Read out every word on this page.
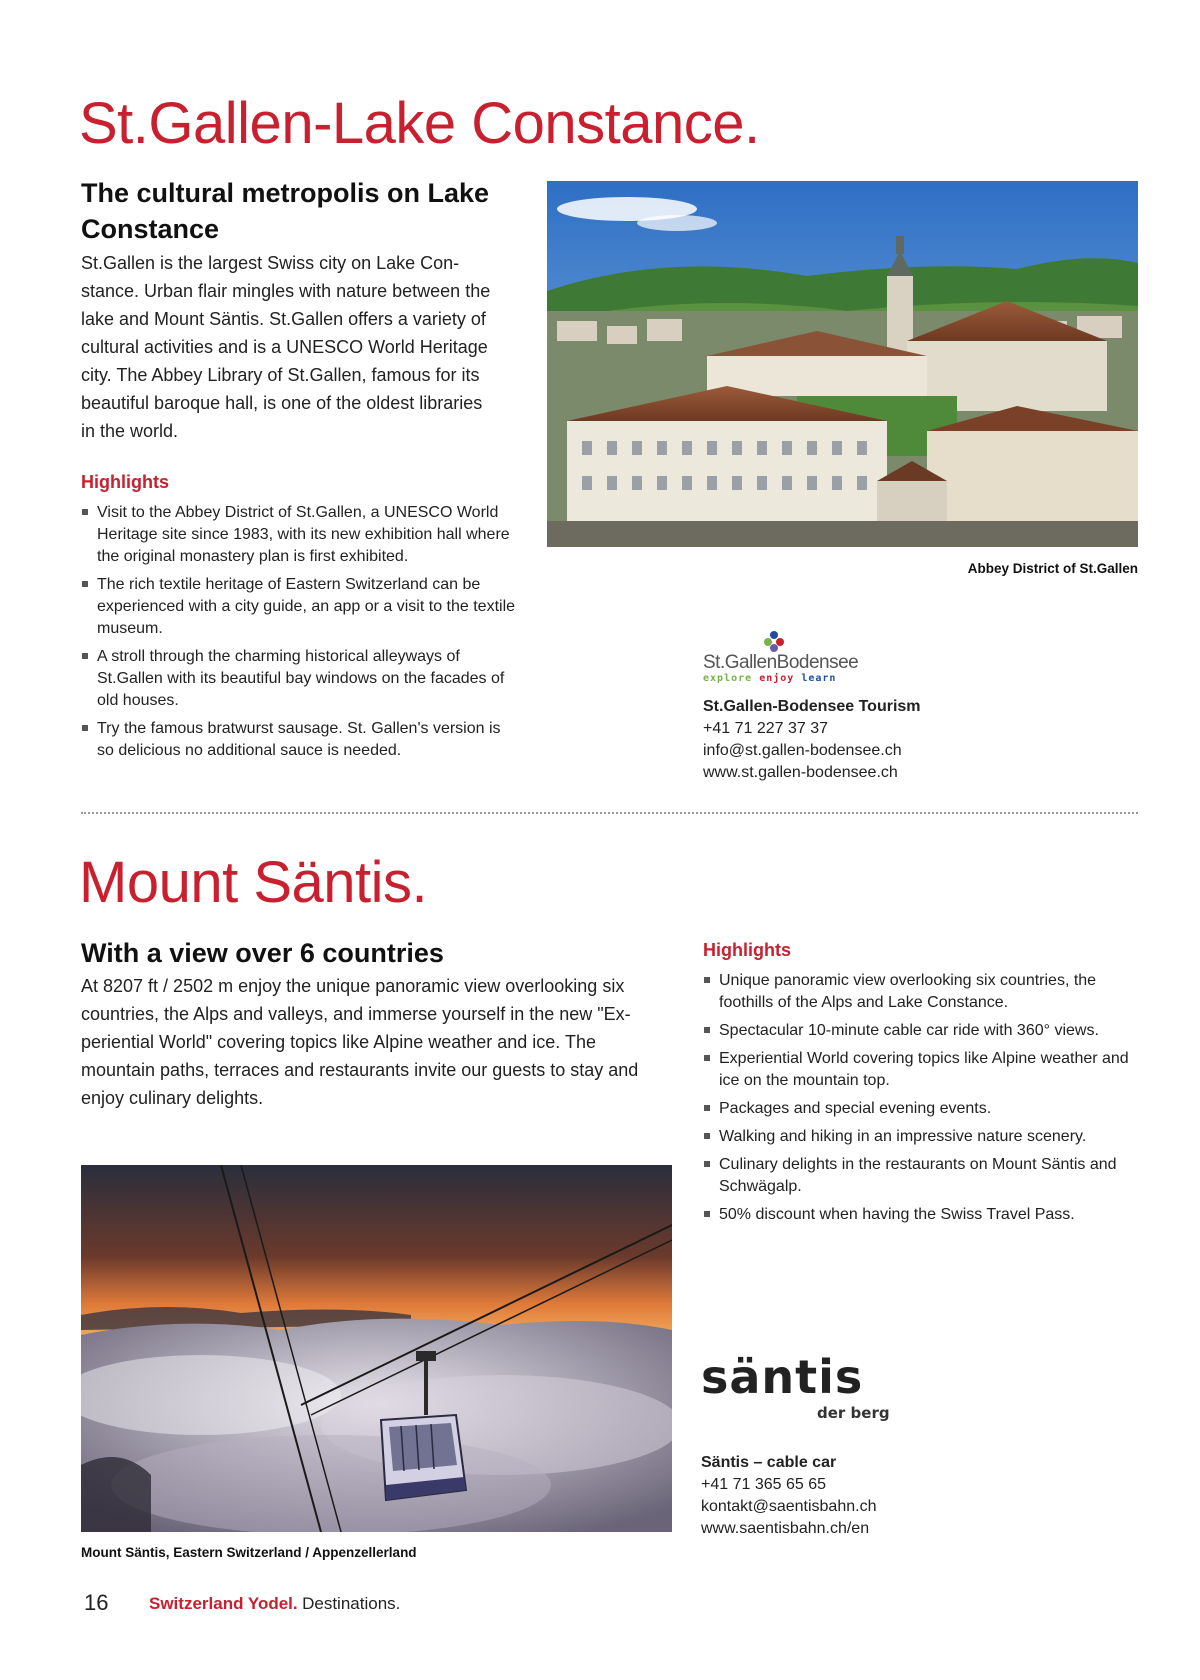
St.Gallen-Lake Constance.
The cultural metropolis on Lake Constance
St.Gallen is the largest Swiss city on Lake Con-
stance. Urban flair mingles with nature between the
lake and Mount Säntis. St.Gallen offers a variety of
cultural activities and is a UNESCO World Heritage
city. The Abbey Library of St.Gallen, famous for its
beautiful baroque hall, is one of the oldest libraries
in the world.
Highlights
Visit to the Abbey District of St.Gallen, a UNESCO World Heritage site since 1983, with its new exhibition hall where the original monastery plan is first exhibited.
The rich textile heritage of Eastern Switzerland can be experienced with a city guide, an app or a visit to the textile museum.
A stroll through the charming historical alleyways of St.Gallen with its beautiful bay windows on the facades of old houses.
Try the famous bratwurst sausage. St. Gallen's version is so delicious no additional sauce is needed.
Abbey District of St.Gallen
St.GallenBodensee
explore enjoy learn
St.Gallen-Bodensee Tourism
+41 71 227 37 37
info@st.gallen-bodensee.ch
www.st.gallen-bodensee.ch
Mount Säntis.
With a view over 6 countries
At 8207 ft / 2502 m enjoy the unique panoramic view overlooking six
countries, the Alps and valleys, and immerse yourself in the new "Ex-
periential World" covering topics like Alpine weather and ice. The
mountain paths, terraces and restaurants invite our guests to stay and
enjoy culinary delights.
Highlights
Unique panoramic view overlooking six countries, the foothills of the Alps and Lake Constance.
Spectacular 10-minute cable car ride with 360° views.
Experiential World covering topics like Alpine weather and ice on the mountain top.
Packages and special evening events.
Walking and hiking in an impressive nature scenery.
Culinary delights in the restaurants on Mount Säntis and Schwägalp.
50% discount when having the Swiss Travel Pass.
Mount Säntis, Eastern Switzerland / Appenzellerland
säntis
der berg
Säntis – cable car
+41 71 365 65 65
kontakt@saentisbahn.ch
www.saentisbahn.ch/en
16 Switzerland Yodel. Destinations.
